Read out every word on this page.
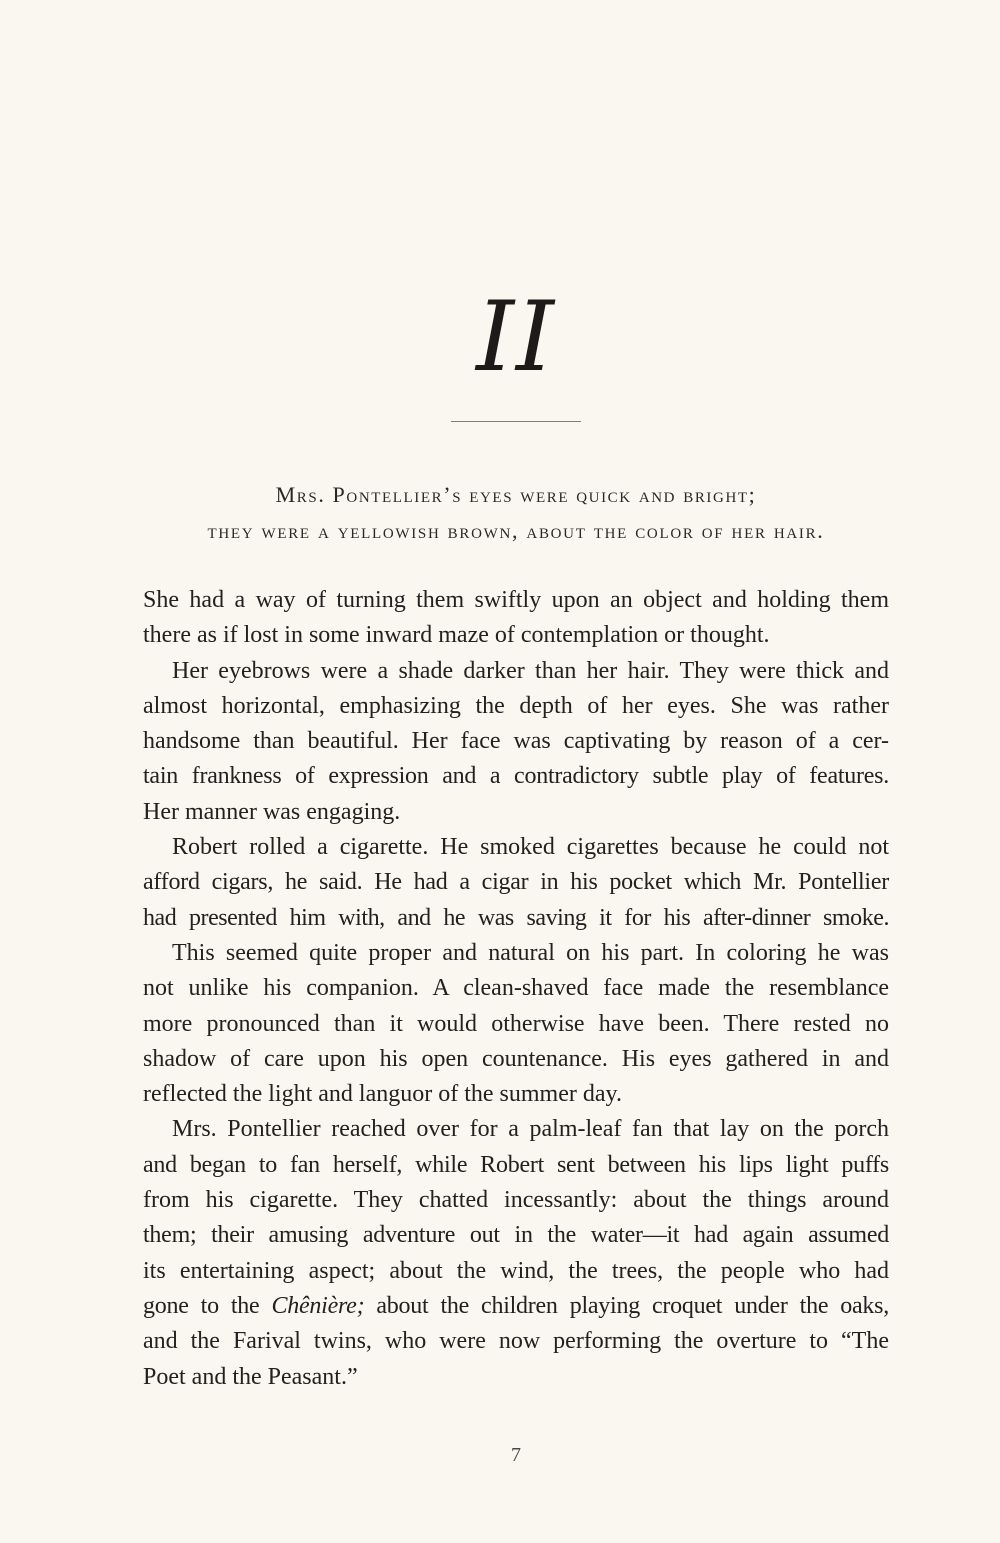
II
Mrs. Pontellier’s eyes were quick and bright;
they were a yellowish brown, about the color of her hair.
She had a way of turning them swiftly upon an object and holding them
there as if lost in some inward maze of contemplation or thought.
Her eyebrows were a shade darker than her hair. They were thick and
almost horizontal, emphasizing the depth of her eyes. She was rather
handsome than beautiful. Her face was captivating by reason of a cer-
tain frankness of expression and a contradictory subtle play of features.
Her manner was engaging.
Robert rolled a cigarette. He smoked cigarettes because he could not
afford cigars, he said. He had a cigar in his pocket which Mr. Pontellier
had presented him with, and he was saving it for his after-dinner smoke.
This seemed quite proper and natural on his part. In coloring he was
not unlike his companion. A clean-shaved face made the resemblance
more pronounced than it would otherwise have been. There rested no
shadow of care upon his open countenance. His eyes gathered in and
reflected the light and languor of the summer day.
Mrs. Pontellier reached over for a palm-leaf fan that lay on the porch
and began to fan herself, while Robert sent between his lips light puffs
from his cigarette. They chatted incessantly: about the things around
them; their amusing adventure out in the water—it had again assumed
its entertaining aspect; about the wind, the trees, the people who had
gone to the Chênière; about the children playing croquet under the oaks,
and the Farival twins, who were now performing the overture to “The
Poet and the Peasant.”
7
